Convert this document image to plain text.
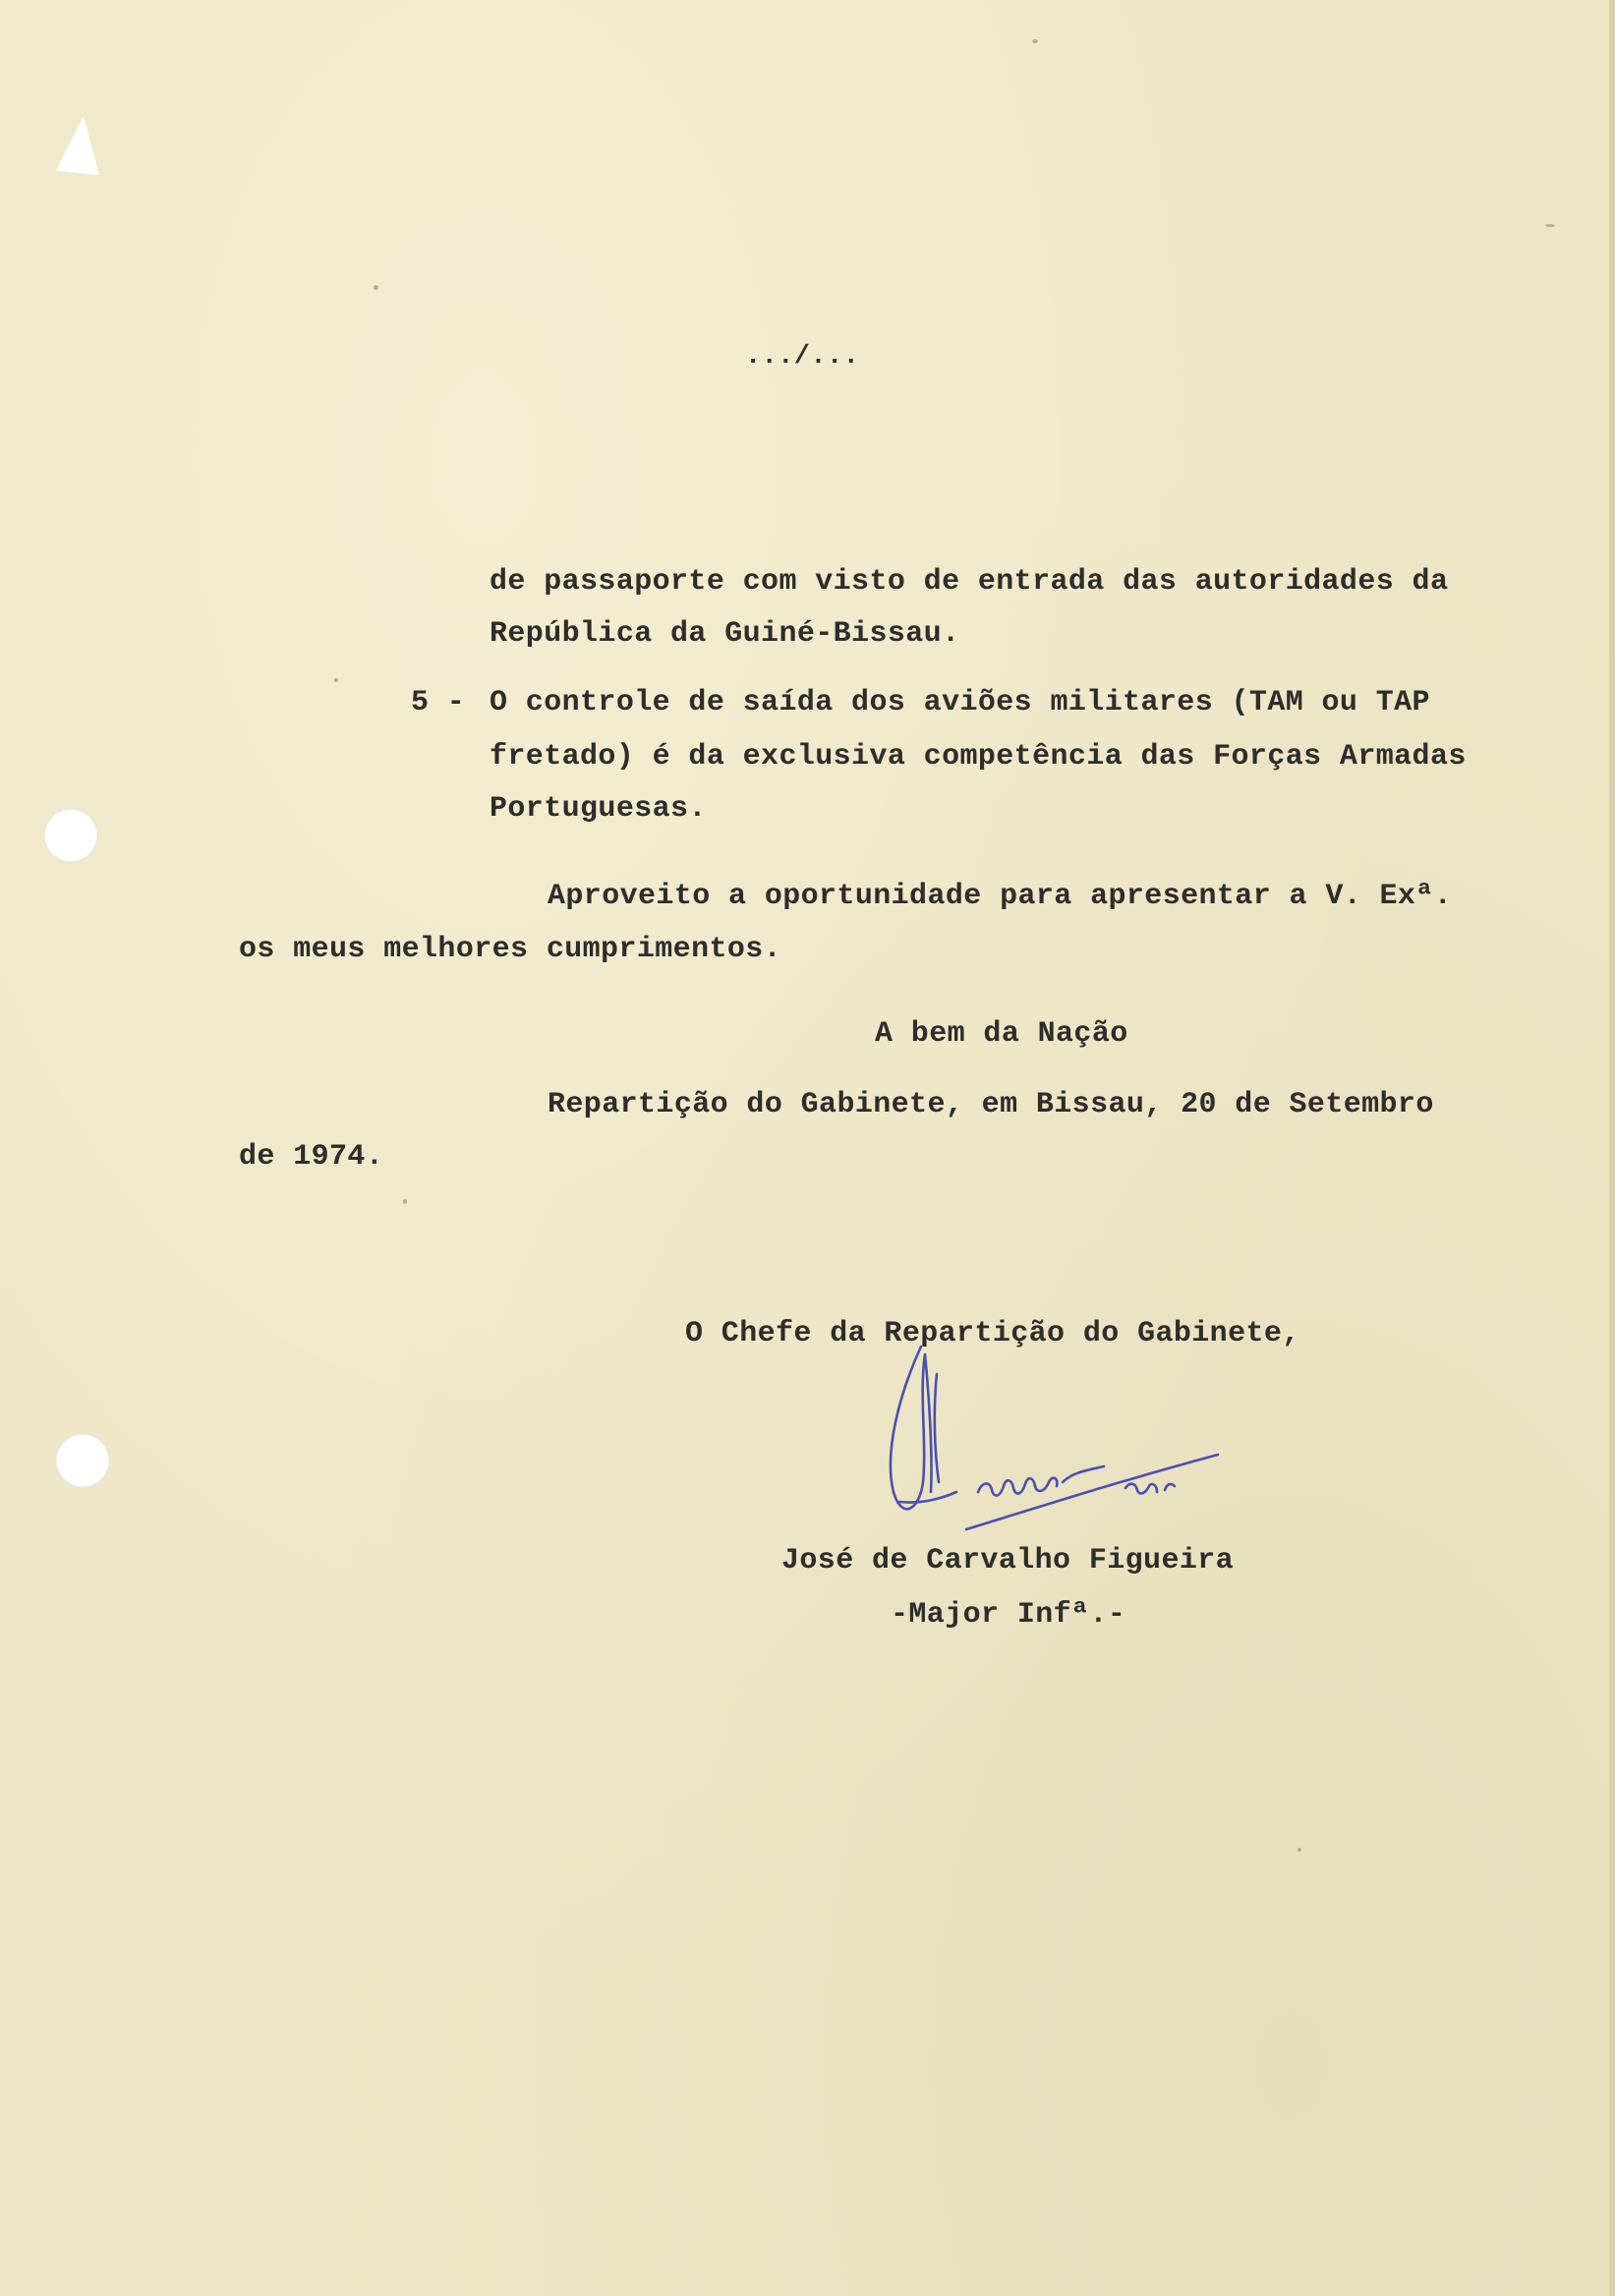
.../...
de passaporte com visto de entrada das autoridades da
República da Guiné-Bissau.
5 - O controle de saída dos aviões militares (TAM ou TAP
fretado) é da exclusiva competência das Forças Armadas
Portuguesas.
Aproveito a oportunidade para apresentar a V. Exª.
os meus melhores cumprimentos.
A bem da Nação
Repartição do Gabinete, em Bissau, 20 de Setembro
de 1974.
O Chefe da Repartição do Gabinete,
José de Carvalho Figueira
-Major Infª.-
